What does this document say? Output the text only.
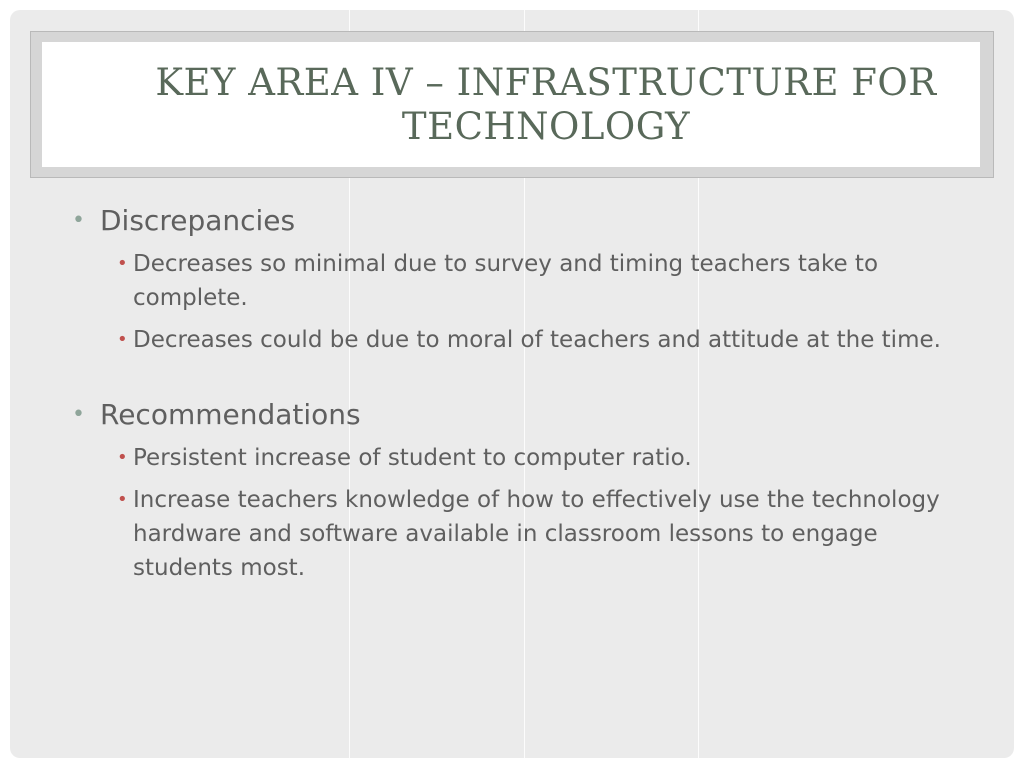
KEY AREA IV – INFRASTRUCTURE FOR TECHNOLOGY
• Discrepancies
• Decreases so minimal due to survey and timing teachers take to complete.
• Decreases could be due to moral of teachers and attitude at the time.
• Recommendations
• Persistent increase of student to computer ratio.
• Increase teachers knowledge of how to effectively use the technology hardware and software available in classroom lessons to engage students most.
